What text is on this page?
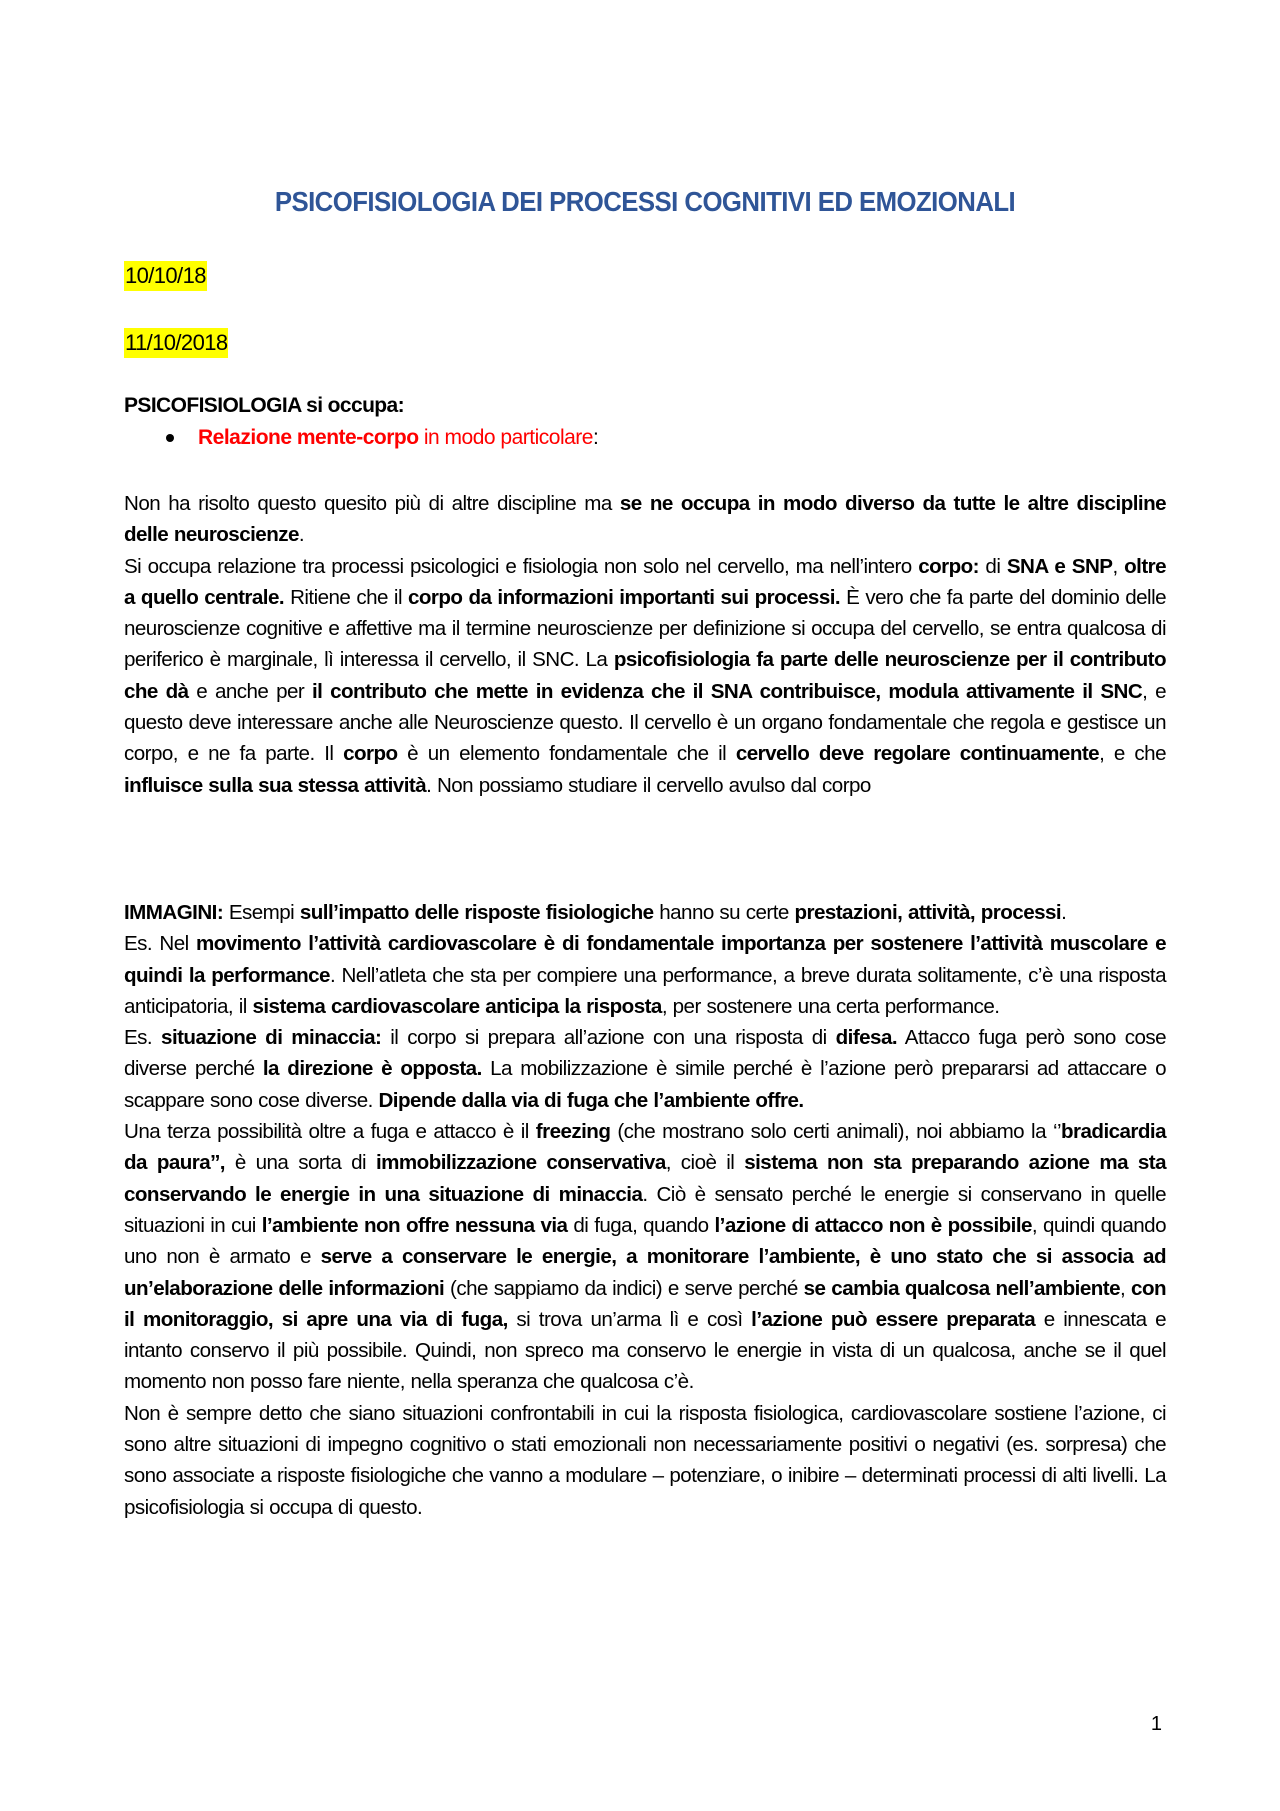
PSICOFISIOLOGIA DEI PROCESSI COGNITIVI ED EMOZIONALI
10/10/18
11/10/2018
PSICOFISIOLOGIA si occupa:
Relazione mente-corpo in modo particolare :

Non ha risolto questo quesito più di altre discipline ma se ne occupa in modo diverso da tutte le altre discipline delle neuroscienze.

Si occupa relazione tra processi psicologici e fisiologia non solo nel cervello, ma nell’intero corpo: di SNA e SNP, oltre a quello centrale. Ritiene che il corpo da informazioni importanti sui processi. È vero che fa parte del dominio delle neuroscienze cognitive e affettive ma il termine neuroscienze per definizione si occupa del cervello, se entra qualcosa di periferico è marginale, lì interessa il cervello, il SNC. La psicofisiologia fa parte delle neuroscienze per il contributo che dà e anche per il contributo che mette in evidenza che il SNA contribuisce, modula attivamente il SNC, e questo deve interessare anche alle Neuroscienze questo. Il cervello è un organo fondamentale che regola e gestisce un corpo, e ne fa parte. Il corpo è un elemento fondamentale che il cervello deve regolare continuamente, e che influisce sulla sua stessa attività. Non possiamo studiare il cervello avulso dal corpo

IMMAGINI: Esempi sull’impatto delle risposte fisiologiche hanno su certe prestazioni, attività, processi.

Es. Nel movimento l’attività cardiovascolare è di fondamentale importanza per sostenere l’attività muscolare e quindi la performance. Nell’atleta che sta per compiere una performance, a breve durata solitamente, c’è una risposta anticipatoria, il sistema cardiovascolare anticipa la risposta, per sostenere una certa performance.

Es. situazione di minaccia: il corpo si prepara all’azione con una risposta di difesa. Attacco fuga però sono cose diverse perché la direzione è opposta. La mobilizzazione è simile perché è l’azione però prepararsi ad attaccare o scappare sono cose diverse. Dipende dalla via di fuga che l’ambiente offre.

Una terza possibilità oltre a fuga e attacco è il freezing (che mostrano solo certi animali), noi abbiamo la ‘’bradicardia da paura’’, è una sorta di immobilizzazione conservativa, cioè il sistema non sta preparando azione ma sta conservando le energie in una situazione di minaccia. Ciò è sensato perché le energie si conservano in quelle situazioni in cui l’ambiente non offre nessuna via di fuga, quando l’azione di attacco non è possibile, quindi quando uno non è armato e serve a conservare le energie, a monitorare l’ambiente, è uno stato che si associa ad un’elaborazione delle informazioni (che sappiamo da indici) e serve perché se cambia qualcosa nell’ambiente, con il monitoraggio, si apre una via di fuga, si trova un’arma lì e così l’azione può essere preparata e innescata e intanto conservo il più possibile. Quindi, non spreco ma conservo le energie in vista di un qualcosa, anche se il quel momento non posso fare niente, nella speranza che qualcosa c’è.

Non è sempre detto che siano situazioni confrontabili in cui la risposta fisiologica, cardiovascolare sostiene l’azione, ci sono altre situazioni di impegno cognitivo o stati emozionali non necessariamente positivi o negativi (es. sorpresa) che sono associate a risposte fisiologiche che vanno a modulare – potenziare, o inibire – determinati processi di alti livelli. La psicofisiologia si occupa di questo.

1
